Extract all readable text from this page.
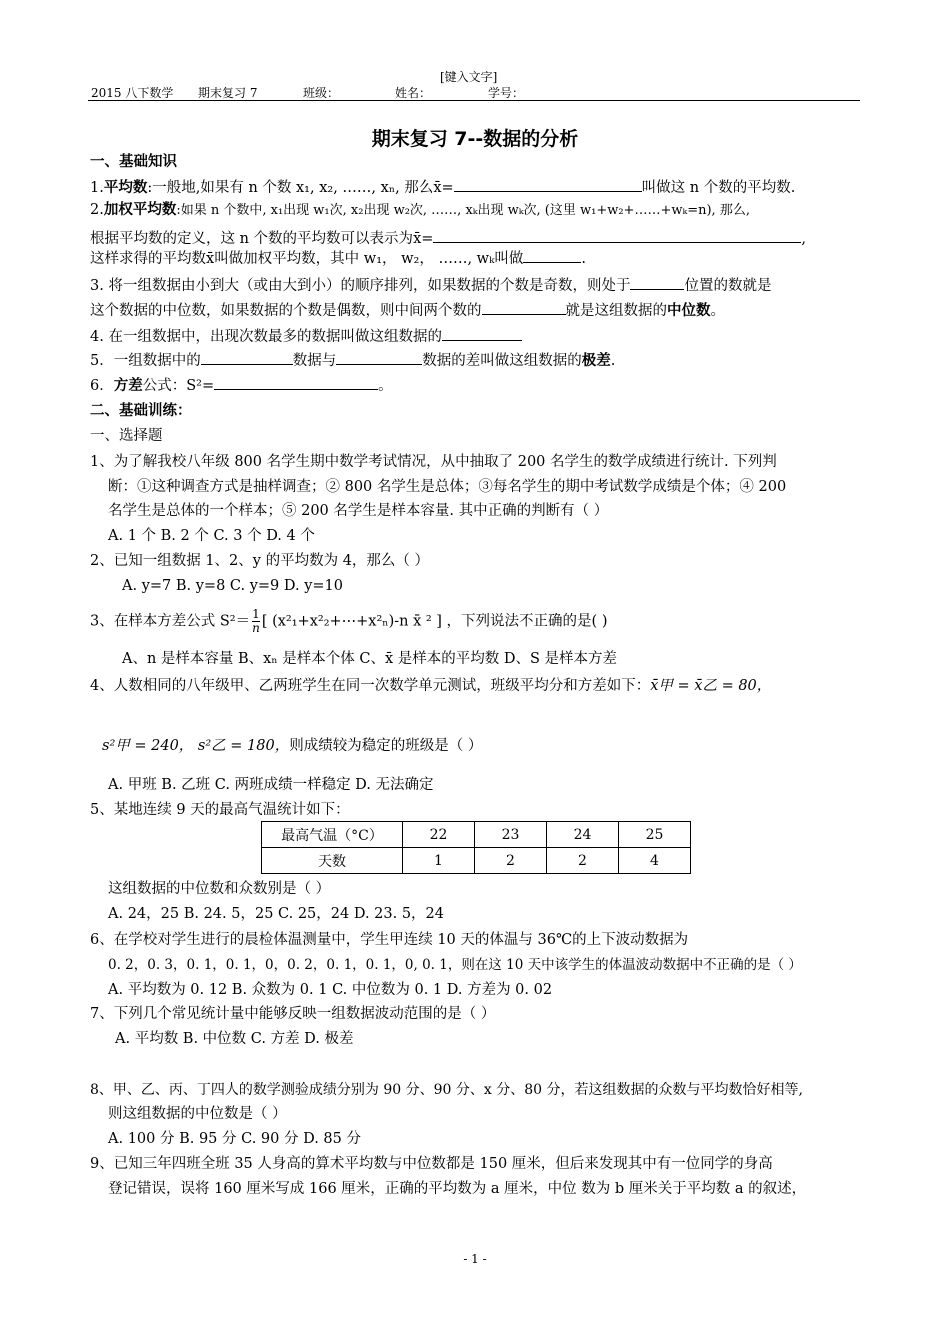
[键入文字]
2015 八下数学 期末复习 7	班级：	姓名：	学号：
期末复习 7--数据的分析
一、基础知识
1.平均数:一般地,如果有 n 个数 x₁, x₂, ……, xₙ, 那么x̄=	叫做这 n 个数的平均数.
2.加权平均数:如果 n 个数中, x₁出现 w₁次, x₂出现 w₂次, ……, xₖ出现 wₖ次, (这里 w₁+w₂+……+wₖ=n), 那么,
根据平均数的定义，这 n 个数的平均数可以表示为x̄=	,
这样求得的平均数x̄叫做加权平均数，其中 w₁， w₂， ……, wₖ叫做	.
3. 将一组数据由小到大（或由大到小）的顺序排列，如果数据的个数是奇数，则处于	位置的数就是
这个数据的中位数，如果数据的个数是偶数，则中间两个数的	就是这组数据的中位数。
4. 在一组数据中，出现次数最多的数据叫做这组数据的
5．一组数据中的	数据与	数据的差叫做这组数据的极差.
6．方差公式：S²=	。
二、基础训练：
一、选择题
1、为了解我校八年级 800 名学生期中数学考试情况，从中抽取了 200 名学生的数学成绩进行统计. 下列判
断：①这种调查方式是抽样调查；② 800 名学生是总体；③每名学生的期中考试数学成绩是个体；④ 200
名学生是总体的一个样本；⑤ 200 名学生是样本容量. 其中正确的判断有（ ）
A. 1 个 B. 2 个 C. 3 个 D. 4 个
2、已知一组数据 1、2、y 的平均数为 4，那么（ ）
A. y=7 B. y=8 C. y=9 D. y=10
3、在样本方差公式 $S^2= \frac{1}{n}$ [ (x²₁+x²₂+⋯+x²ₙ)-n x̄ ² ] ，下列说法不正确的是( )
A、n 是样本容量 B、xₙ 是样本个体 C、x̄ 是样本的平均数 D、S 是样本方差
4、人数相同的八年级甲、乙两班学生在同一次数学单元测试，班级平均分和方差如下：x̄甲 = x̄乙 = 80，
s²甲 = 240， s²乙 = 180，则成绩较为稳定的班级是（ ）
A. 甲班 B. 乙班 C. 两班成绩一样稳定 D. 无法确定
5、某地连续 9 天的最高气温统计如下：
最高气温（°C）	22	23	24	25
天数	1	2	2	4
这组数据的中位数和众数别是（ ）
A. 24，25 B. 24. 5，25 C. 25，24 D. 23. 5，24
6、在学校对学生进行的晨检体温测量中，学生甲连续 10 天的体温与 36℃的上下波动数据为
0. 2，0. 3，0. 1，0. 1，0，0. 2，0. 1，0. 1，0, 0. 1，则在这 10 天中该学生的体温波动数据中不正确的是（ ）
A. 平均数为 0. 12 B. 众数为 0. 1 C. 中位数为 0. 1 D. 方差为 0. 02
7、下列几个常见统计量中能够反映一组数据波动范围的是（ ）
A. 平均数 B. 中位数 C. 方差 D. 极差
8、甲、乙、丙、丁四人的数学测验成绩分别为 90 分、90 分、x 分、80 分，若这组数据的众数与平均数恰好相等,
则这组数据的中位数是（ ）
A. 100 分 B. 95 分 C. 90 分 D. 85 分
9、已知三年四班全班 35 人身高的算术平均数与中位数都是 150 厘米，但后来发现其中有一位同学的身高
登记错误，误将 160 厘米写成 166 厘米，正确的平均数为 a 厘米，中位 数为 b 厘米关于平均数 a 的叙述，
- 1 -
